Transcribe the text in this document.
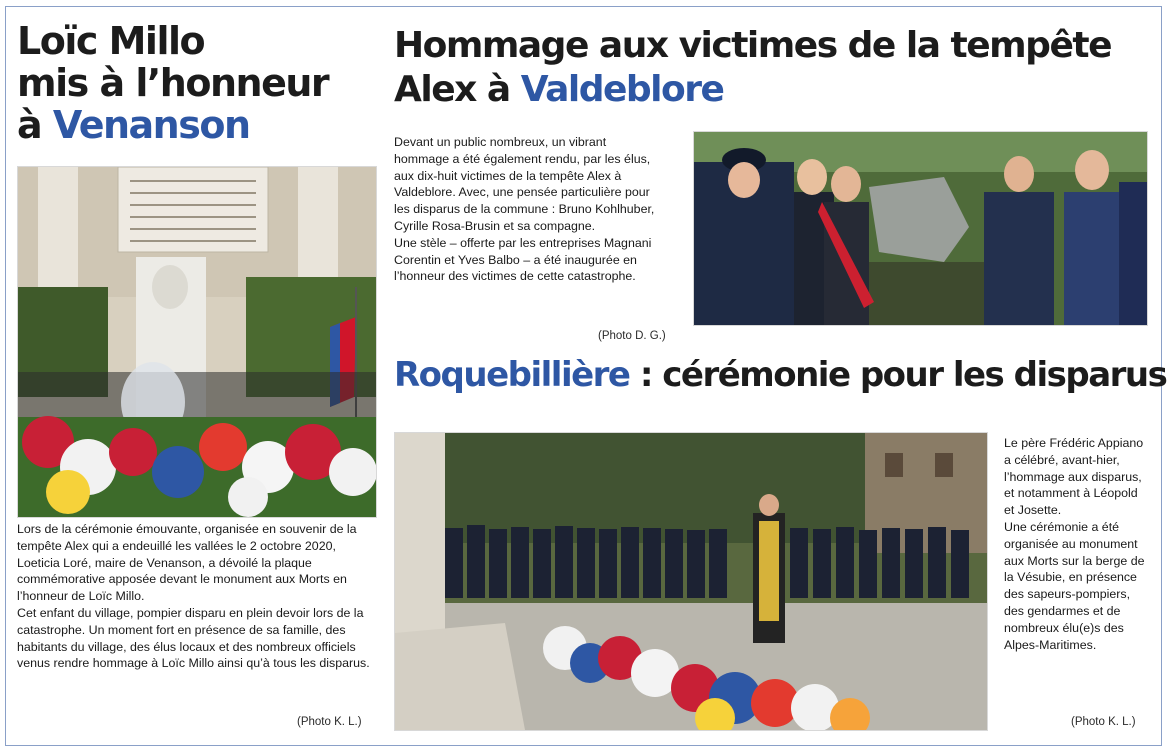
Loïc Millo
mis à l’honneur
à Venanson

Lors de la cérémonie émouvante, organisée en souvenir de la tempête Alex qui a endeuillé les vallées le 2 octobre 2020, Loeticia Loré, maire de Venanson, a dévoilé la plaque commémorative apposée devant le monument aux Morts en l’honneur de Loïc Millo.

Cet enfant du village, pompier disparu en plein devoir lors de la catastrophe. Un moment fort en présence de sa famille, des habitants du village, des élus locaux et des nombreux officiels venus rendre hommage à Loïc Millo ainsi qu’à tous les disparus.

(Photo K. L.)
Hommage aux victimes de la tempête
Alex à Valdeblore

Devant un public nombreux, un vibrant hommage a été également rendu, par les élus, aux dix-huit victimes de la tempête Alex à Valdeblore. Avec, une pensée particulière pour les disparus de la commune : Bruno Kohlhuber, Cyrille Rosa-Brusin et sa compagne.

Une stèle – offerte par les entreprises Magnani Corentin et Yves Balbo – a été inaugurée en l’honneur des victimes de cette catastrophe.

(Photo D. G.)
Roquebillière : cérémonie pour les disparus

Le père Frédéric Appiano a célébré, avant-hier, l’hommage aux disparus, et notamment à Léopold et Josette.

Une cérémonie a été organisée au monument aux Morts sur la berge de la Vésubie, en présence des sapeurs-pompiers, des gendarmes et de nombreux élu(e)s des Alpes-Maritimes.

(Photo K. L.)
